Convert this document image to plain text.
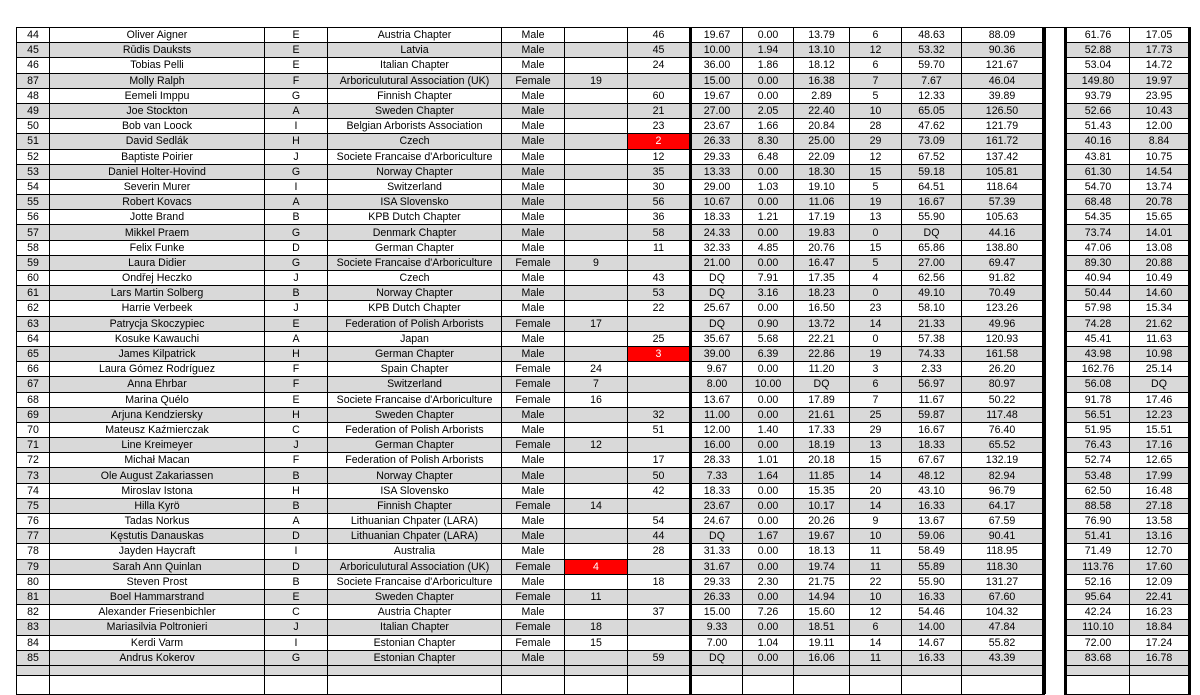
44	Oliver Aigner	E	Austria Chapter	Male		46	19.67	0.00	13.79	6	48.63	88.09			61.76	17.05
45	Rūdis Dauksts	E	Latvia	Male		45	10.00	1.94	13.10	12	53.32	90.36			52.88	17.73
46	Tobias Pelli	E	Italian Chapter	Male		24	36.00	1.86	18.12	6	59.70	121.67			53.04	14.72
87	Molly Ralph	F	Arboriculutural Association (UK)	Female	19		15.00	0.00	16.38	7	7.67	46.04			149.80	19.97
48	Eemeli Imppu	G	Finnish Chapter	Male		60	19.67	0.00	2.89	5	12.33	39.89			93.79	23.95
49	Joe Stockton	A	Sweden Chapter	Male		21	27.00	2.05	22.40	10	65.05	126.50			52.66	10.43
50	Bob van Loock	I	Belgian Arborists Association	Male		23	23.67	1.66	20.84	28	47.62	121.79			51.43	12.00
51	David Sedlák	H	Czech	Male		2	26.33	8.30	25.00	29	73.09	161.72			40.16	8.84
52	Baptiste Poirier	J	Societe Francaise d'Arboriculture	Male		12	29.33	6.48	22.09	12	67.52	137.42			43.81	10.75
53	Daniel Holter-Hovind	G	Norway Chapter	Male		35	13.33	0.00	18.30	15	59.18	105.81			61.30	14.54
54	Severin Murer	I	Switzerland	Male		30	29.00	1.03	19.10	5	64.51	118.64			54.70	13.74
55	Robert Kovacs	A	ISA Slovensko	Male		56	10.67	0.00	11.06	19	16.67	57.39			68.48	20.78
56	Jotte Brand	B	KPB Dutch Chapter	Male		36	18.33	1.21	17.19	13	55.90	105.63			54.35	15.65
57	Mikkel Praem	G	Denmark Chapter	Male		58	24.33	0.00	19.83	0	DQ	44.16			73.74	14.01
58	Felix Funke	D	German Chapter	Male		11	32.33	4.85	20.76	15	65.86	138.80			47.06	13.08
59	Laura Didier	G	Societe Francaise d'Arboriculture	Female	9		21.00	0.00	16.47	5	27.00	69.47			89.30	20.88
60	Ondřej Heczko	J	Czech	Male		43	DQ	7.91	17.35	4	62.56	91.82			40.94	10.49
61	Lars Martin Solberg	B	Norway Chapter	Male		53	DQ	3.16	18.23	0	49.10	70.49			50.44	14.60
62	Harrie Verbeek	J	KPB Dutch Chapter	Male		22	25.67	0.00	16.50	23	58.10	123.26			57.98	15.34
63	Patrycja Skoczypiec	E	Federation of Polish Arborists	Female	17		DQ	0.90	13.72	14	21.33	49.96			74.28	21.62
64	Kosuke Kawauchi	A	Japan	Male		25	35.67	5.68	22.21	0	57.38	120.93			45.41	11.63
65	James Kilpatrick	H	German Chapter	Male		3	39.00	6.39	22.86	19	74.33	161.58			43.98	10.98
66	Laura Gómez Rodríguez	F	Spain Chapter	Female	24		9.67	0.00	11.20	3	2.33	26.20			162.76	25.14
67	Anna Ehrbar	F	Switzerland	Female	7		8.00	10.00	DQ	6	56.97	80.97			56.08	DQ
68	Marina Quélo	E	Societe Francaise d'Arboriculture	Female	16		13.67	0.00	17.89	7	11.67	50.22			91.78	17.46
69	Arjuna Kendziersky	H	Sweden Chapter	Male		32	11.00	0.00	21.61	25	59.87	117.48			56.51	12.23
70	Mateusz Kaźmierczak	C	Federation of Polish Arborists	Male		51	12.00	1.40	17.33	29	16.67	76.40			51.95	15.51
71	Line Kreimeyer	J	German Chapter	Female	12		16.00	0.00	18.19	13	18.33	65.52			76.43	17.16
72	Michał Macan	F	Federation of Polish Arborists	Male		17	28.33	1.01	20.18	15	67.67	132.19			52.74	12.65
73	Ole August Zakariassen	B	Norway Chapter	Male		50	7.33	1.64	11.85	14	48.12	82.94			53.48	17.99
74	Miroslav Istona	H	ISA Slovensko	Male		42	18.33	0.00	15.35	20	43.10	96.79			62.50	16.48
75	Hilla Kyrö	B	Finnish Chapter	Female	14		23.67	0.00	10.17	14	16.33	64.17			88.58	27.18
76	Tadas Norkus	A	Lithuanian Chpater (LARA)	Male		54	24.67	0.00	20.26	9	13.67	67.59			76.90	13.58
77	Kęstutis Danauskas	D	Lithuanian Chpater (LARA)	Male		44	DQ	1.67	19.67	10	59.06	90.41			51.41	13.16
78	Jayden Haycraft	I	Australia	Male		28	31.33	0.00	18.13	11	58.49	118.95			71.49	12.70
79	Sarah Ann Quinlan	D	Arboriculutural Association (UK)	Female	4		31.67	0.00	19.74	11	55.89	118.30			113.76	17.60
80	Steven Prost	B	Societe Francaise d'Arboriculture	Male		18	29.33	2.30	21.75	22	55.90	131.27			52.16	12.09
81	Boel Hammarstrand	E	Sweden Chapter	Female	11		26.33	0.00	14.94	10	16.33	67.60			95.64	22.41
82	Alexander Friesenbichler	C	Austria Chapter	Male		37	15.00	7.26	15.60	12	54.46	104.32			42.24	16.23
83	Mariasilvia Poltronieri	J	Italian Chapter	Female	18		9.33	0.00	18.51	6	14.00	47.84			110.10	18.84
84	Kerdi Varm	I	Estonian Chapter	Female	15		7.00	1.04	19.11	14	14.67	55.82			72.00	17.24
85	Andrus Kokerov	G	Estonian Chapter	Male		59	DQ	0.00	16.06	11	16.33	43.39			83.68	16.78
